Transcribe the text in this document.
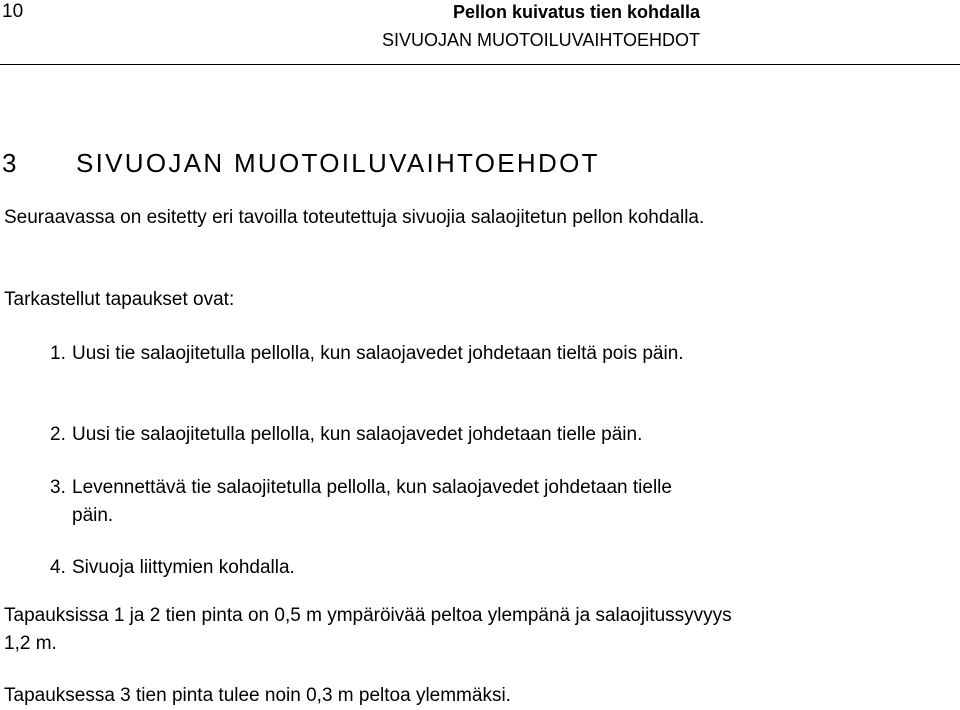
10	Pellon kuivatus tien kohdalla
SIVUOJAN MUOTOILUVAIHTOEHDOT
3 SIVUOJAN MUOTOILUVAIHTOEHDOT

Seuraavassa on esitetty eri tavoilla toteutettuja sivuojia salaojitetun pellon kohdalla.

Tarkastellut tapaukset ovat:

1. Uusi tie salaojitetulla pellolla, kun salaojavedet johdetaan tieltä pois päin.
2. Uusi tie salaojitetulla pellolla, kun salaojavedet johdetaan tielle päin.
3. Levennettävä tie salaojitetulla pellolla, kun salaojavedet johdetaan tielle päin.
4. Sivuoja liittymien kohdalla.

Tapauksissa 1 ja 2 tien pinta on 0,5 m ympäröivää peltoa ylempänä ja salaojitussyvyys 1,2 m.

Tapauksessa 3 tien pinta tulee noin 0,3 m peltoa ylemmäksi.
